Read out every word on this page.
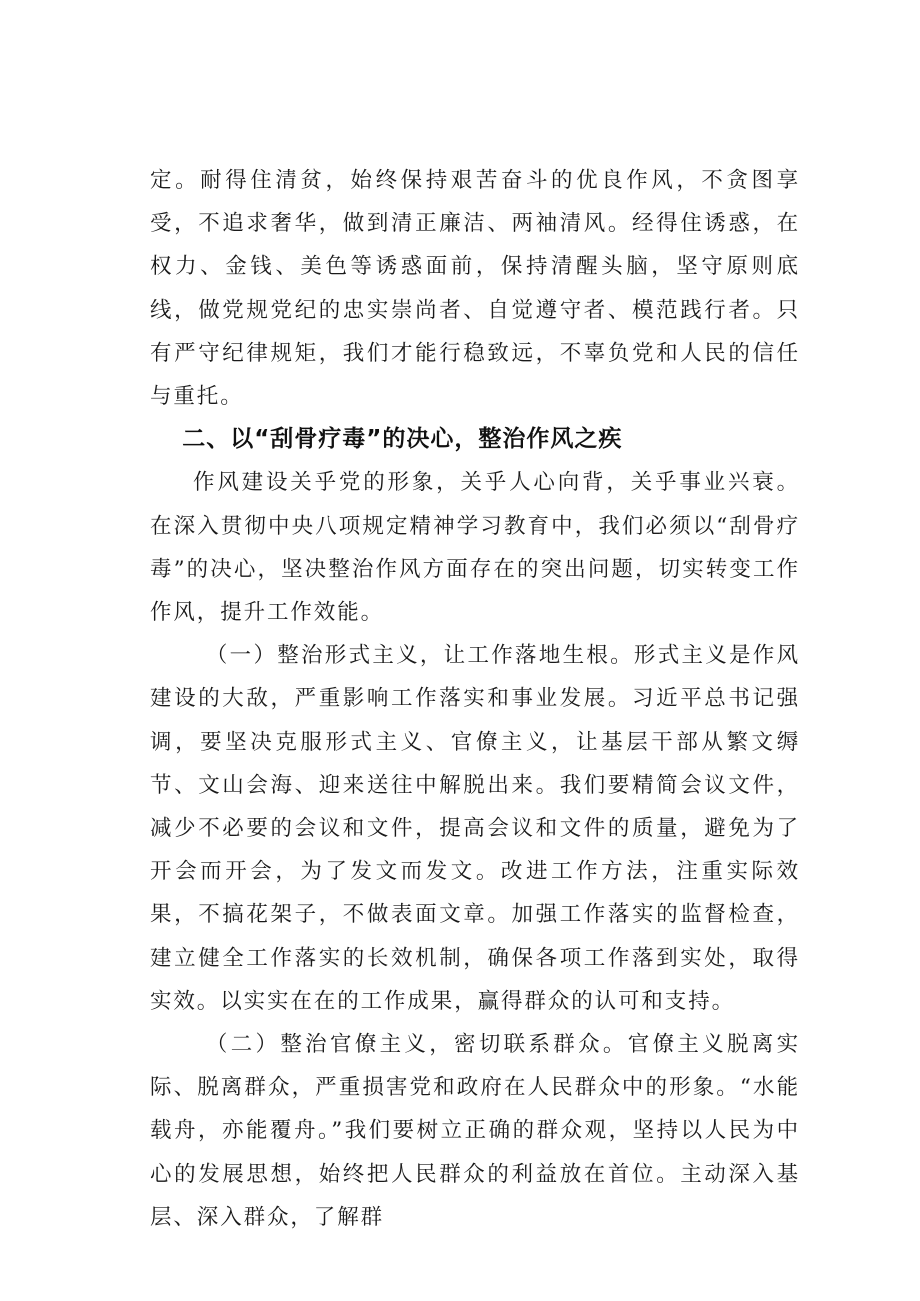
定。耐得住清贫，始终保持艰苦奋斗的优良作风，不贪图享受，不追求奢华，做到清正廉洁、两袖清风。经得住诱惑，在权力、金钱、美色等诱惑面前，保持清醒头脑，坚守原则底线，做党规党纪的忠实崇尚者、自觉遵守者、模范践行者。只有严守纪律规矩，我们才能行稳致远，不辜负党和人民的信任与重托。

二、以“刮骨疗毒”的决心，整治作风之疾

作风建设关乎党的形象，关乎人心向背，关乎事业兴衰。在深入贯彻中央八项规定精神学习教育中，我们必须以“刮骨疗毒”的决心，坚决整治作风方面存在的突出问题，切实转变工作作风，提升工作效能。

（一）整治形式主义，让工作落地生根。形式主义是作风建设的大敌，严重影响工作落实和事业发展。习近平总书记强调，要坚决克服形式主义、官僚主义，让基层干部从繁文缛节、文山会海、迎来送往中解脱出来。我们要精简会议文件，减少不必要的会议和文件，提高会议和文件的质量，避免为了开会而开会，为了发文而发文。改进工作方法，注重实际效果，不搞花架子，不做表面文章。加强工作落实的监督检查，建立健全工作落实的长效机制，确保各项工作落到实处，取得实效。以实实在在的工作成果，赢得群众的认可和支持。

（二）整治官僚主义，密切联系群众。官僚主义脱离实际、脱离群众，严重损害党和政府在人民群众中的形象。“水能载舟，亦能覆舟。”我们要树立正确的群众观，坚持以人民为中心的发展思想，始终把人民群众的利益放在首位。主动深入基层、深入群众，了解群
